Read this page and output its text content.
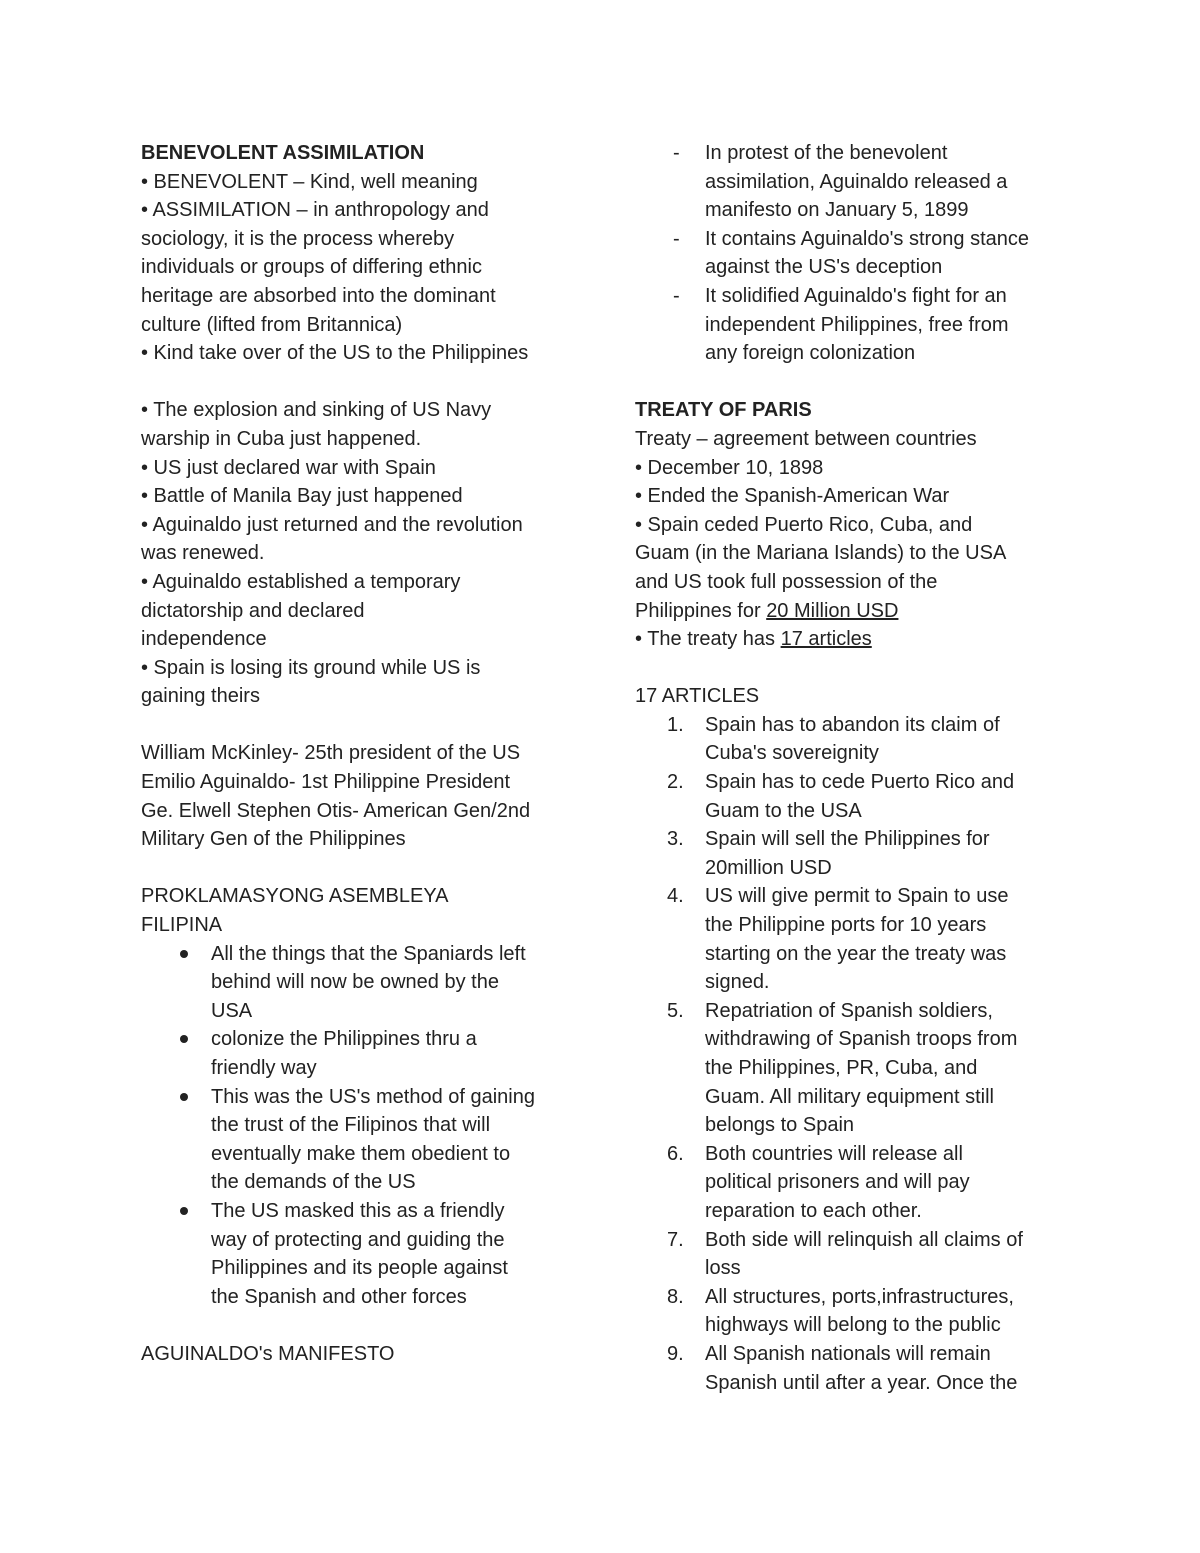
BENEVOLENT ASSIMILATION
• BENEVOLENT – Kind, well meaning
• ASSIMILATION – in anthropology and
sociology, it is the process whereby
individuals or groups of differing ethnic
heritage are absorbed into the dominant
culture (lifted from Britannica)
• Kind take over of the US to the Philippines
• The explosion and sinking of US Navy
warship in Cuba just happened.
• US just declared war with Spain
• Battle of Manila Bay just happened
• Aguinaldo just returned and the revolution
was renewed.
• Aguinaldo established a temporary
dictatorship and declared
independence
• Spain is losing its ground while US is
gaining theirs
William McKinley- 25th president of the US
Emilio Aguinaldo- 1st Philippine President
Ge. Elwell Stephen Otis- American Gen/2nd
Military Gen of the Philippines
PROKLAMASYONG ASEMBLEYA
FILIPINA
All the things that the Spaniards left
behind will now be owned by the
USA
colonize the Philippines thru a
friendly way
This was the US's method of gaining
the trust of the Filipinos that will
eventually make them obedient to
the demands of the US
The US masked this as a friendly
way of protecting and guiding the
Philippines and its people against
the Spanish and other forces
AGUINALDO's MANIFESTO
- In protest of the benevolent
assimilation, Aguinaldo released a
manifesto on January 5, 1899
- It contains Aguinaldo's strong stance
against the US's deception
- It solidified Aguinaldo's fight for an
independent Philippines, free from
any foreign colonization
TREATY OF PARIS
Treaty – agreement between countries
• December 10, 1898
• Ended the Spanish-American War
• Spain ceded Puerto Rico, Cuba, and
Guam (in the Mariana Islands) to the USA
and US took full possession of the
Philippines for 20 Million USD
• The treaty has 17 articles
17 ARTICLES
1. Spain has to abandon its claim of
Cuba's sovereignity
2. Spain has to cede Puerto Rico and
Guam to the USA
3. Spain will sell the Philippines for
20million USD
4. US will give permit to Spain to use
the Philippine ports for 10 years
starting on the year the treaty was
signed.
5. Repatriation of Spanish soldiers,
withdrawing of Spanish troops from
the Philippines, PR, Cuba, and
Guam. All military equipment still
belongs to Spain
6. Both countries will release all
political prisoners and will pay
reparation to each other.
7. Both side will relinquish all claims of
loss
8. All structures, ports,infrastructures,
highways will belong to the public
9. All Spanish nationals will remain
Spanish until after a year. Once the
